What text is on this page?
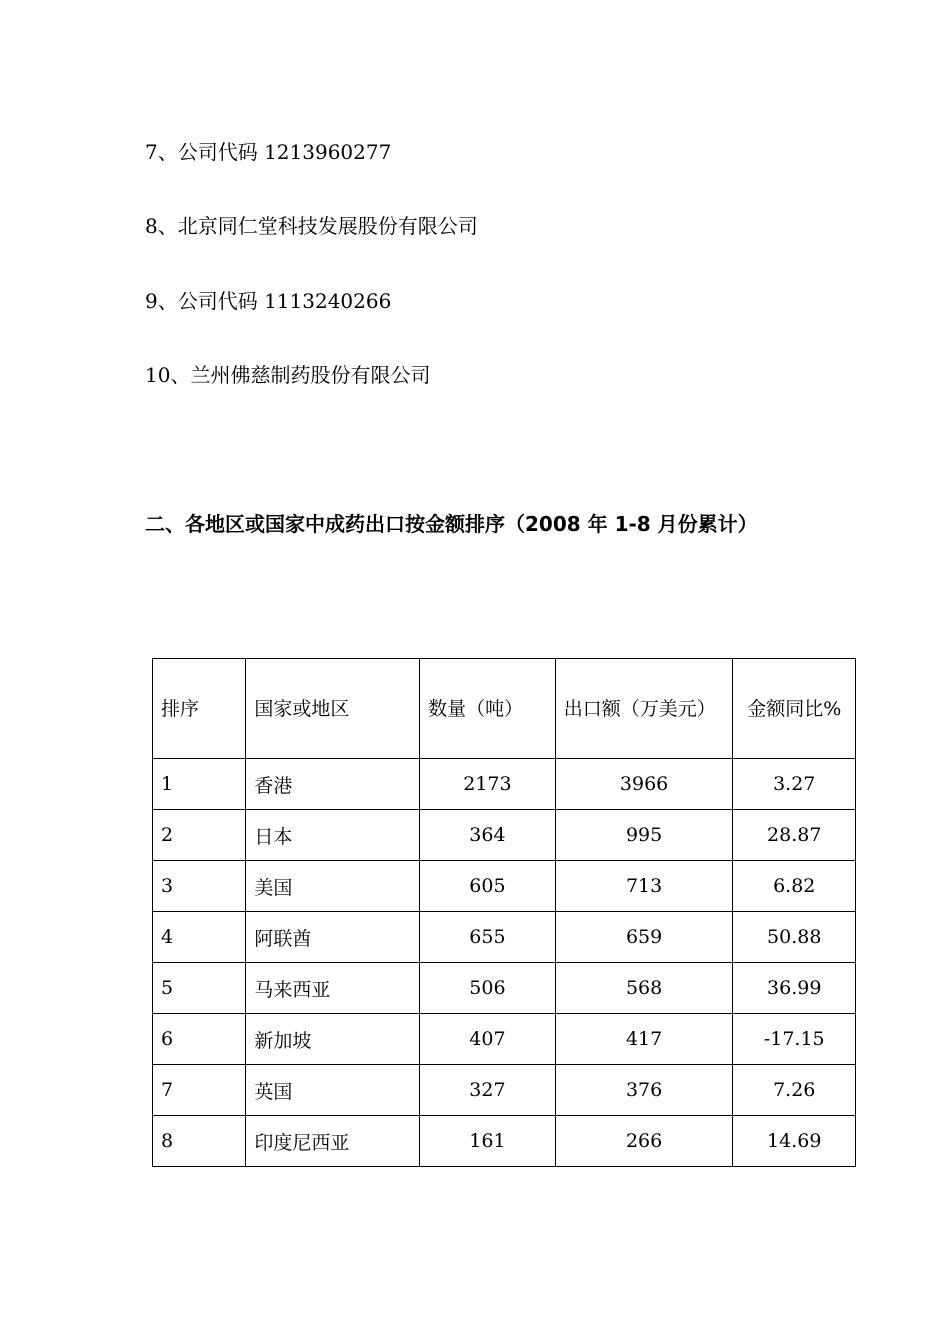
7、公司代码 1213960277
8、北京同仁堂科技发展股份有限公司
9、公司代码 1113240266
10、兰州佛慈制药股份有限公司
二、各地区或国家中成药出口按金额排序（2008 年 1-8 月份累计）
排序	国家或地区	数量（吨）	出口额（万美元）	金额同比%
1	香港	2173	3966	3.27
2	日本	364	995	28.87
3	美国	605	713	6.82
4	阿联酋	655	659	50.88
5	马来西亚	506	568	36.99
6	新加坡	407	417	-17.15
7	英国	327	376	7.26
8	印度尼西亚	161	266	14.69
